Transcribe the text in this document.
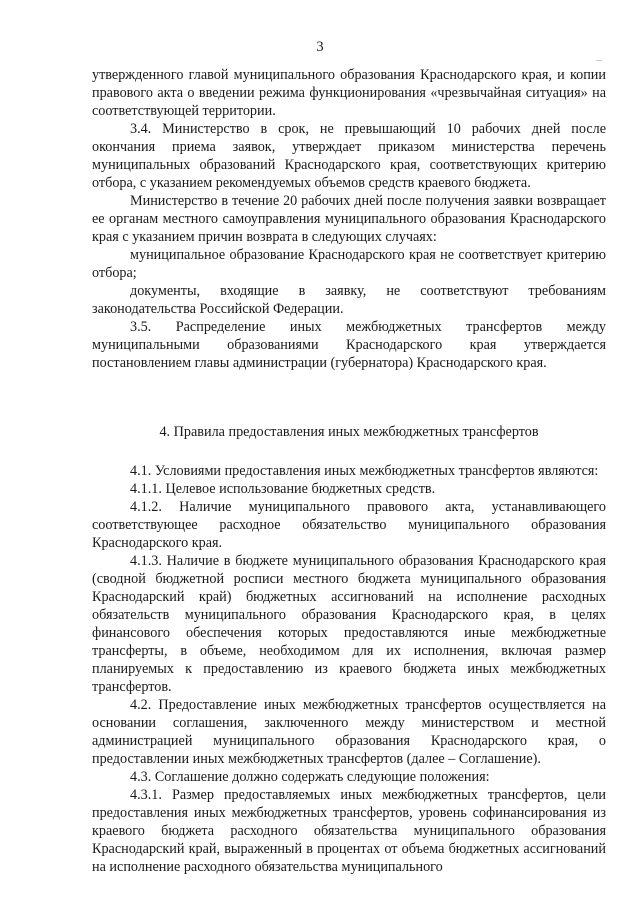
3

утвержденного главой муниципального образования Краснодарского края, и копии правового акта о введении режима функционирования «чрезвычайная ситуация» на соответствующей территории.

3.4. Министерство в срок, не превышающий 10 рабочих дней после окончания приема заявок, утверждает приказом министерства перечень муниципальных образований Краснодарского края, соответствующих критерию отбора, с указанием рекомендуемых объемов средств краевого бюджета.

Министерство в течение 20 рабочих дней после получения заявки возвращает ее органам местного самоуправления муниципального образования Краснодарского края с указанием причин возврата в следующих случаях:

муниципальное образование Краснодарского края не соответствует критерию отбора;

документы, входящие в заявку, не соответствуют требованиям законодательства Российской Федерации.

3.5. Распределение иных межбюджетных трансфертов между муниципальными образованиями Краснодарского края утверждается постановлением главы администрации (губернатора) Краснодарского края.

4. Правила предоставления иных межбюджетных трансфертов

4.1. Условиями предоставления иных межбюджетных трансфертов являются:

4.1.1. Целевое использование бюджетных средств.

4.1.2. Наличие муниципального правового акта, устанавливающего соответствующее расходное обязательство муниципального образования Краснодарского края.

4.1.3. Наличие в бюджете муниципального образования Краснодарского края (сводной бюджетной росписи местного бюджета муниципального образования Краснодарский край) бюджетных ассигнований на исполнение расходных обязательств муниципального образования Краснодарского края, в целях финансового обеспечения которых предоставляются иные межбюджетные трансферты, в объеме, необходимом для их исполнения, включая размер планируемых к предоставлению из краевого бюджета иных межбюджетных трансфертов.

4.2. Предоставление иных межбюджетных трансфертов осуществляется на основании соглашения, заключенного между министерством и местной администрацией муниципального образования Краснодарского края, о предоставлении иных межбюджетных трансфертов (далее – Соглашение).

4.3. Соглашение должно содержать следующие положения:

4.3.1. Размер предоставляемых иных межбюджетных трансфертов, цели предоставления иных межбюджетных трансфертов, уровень софинансирования из краевого бюджета расходного обязательства муниципального образования Краснодарский край, выраженный в процентах от объема бюджетных ассигнований на исполнение расходного обязательства муниципального
